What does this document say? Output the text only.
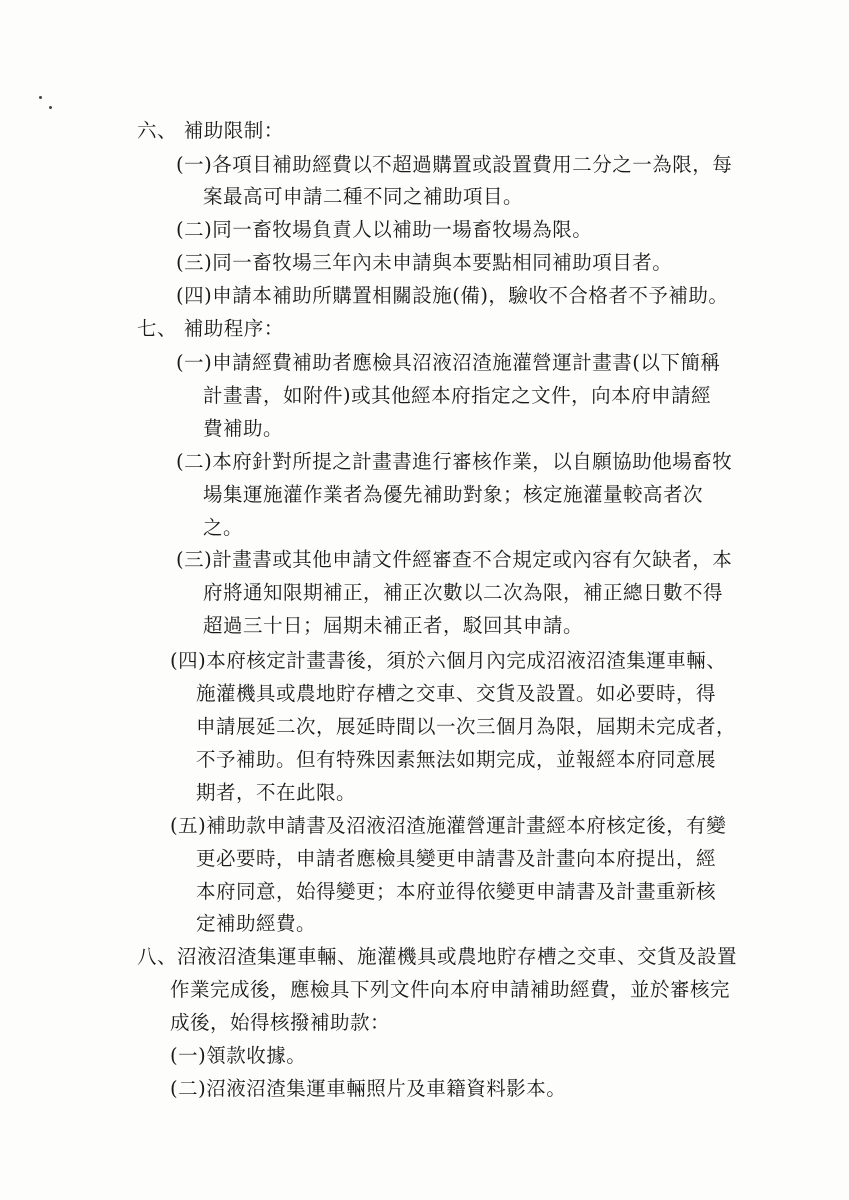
六、 補助限制：
(一)各項目補助經費以不超過購置或設置費用二分之一為限，每
案最高可申請二種不同之補助項目。
(二)同一畜牧場負責人以補助一場畜牧場為限。
(三)同一畜牧場三年內未申請與本要點相同補助項目者。
(四)申請本補助所購置相關設施(備)，驗收不合格者不予補助。
七、 補助程序：
(一)申請經費補助者應檢具沼液沼渣施灌營運計畫書(以下簡稱
計畫書，如附件)或其他經本府指定之文件，向本府申請經
費補助。
(二)本府針對所提之計畫書進行審核作業，以自願協助他場畜牧
場集運施灌作業者為優先補助對象；核定施灌量較高者次
之。
(三)計畫書或其他申請文件經審查不合規定或內容有欠缺者，本
府將通知限期補正，補正次數以二次為限，補正總日數不得
超過三十日；屆期未補正者，駁回其申請。
(四)本府核定計畫書後，須於六個月內完成沼液沼渣集運車輛、
施灌機具或農地貯存槽之交車、交貨及設置。如必要時，得
申請展延二次，展延時間以一次三個月為限，屆期未完成者，
不予補助。但有特殊因素無法如期完成，並報經本府同意展
期者，不在此限。
(五)補助款申請書及沼液沼渣施灌營運計畫經本府核定後，有變
更必要時，申請者應檢具變更申請書及計畫向本府提出，經
本府同意，始得變更；本府並得依變更申請書及計畫重新核
定補助經費。
八、沼液沼渣集運車輛、施灌機具或農地貯存槽之交車、交貨及設置
作業完成後，應檢具下列文件向本府申請補助經費，並於審核完
成後，始得核撥補助款：
(一)領款收據。
(二)沼液沼渣集運車輛照片及車籍資料影本。
